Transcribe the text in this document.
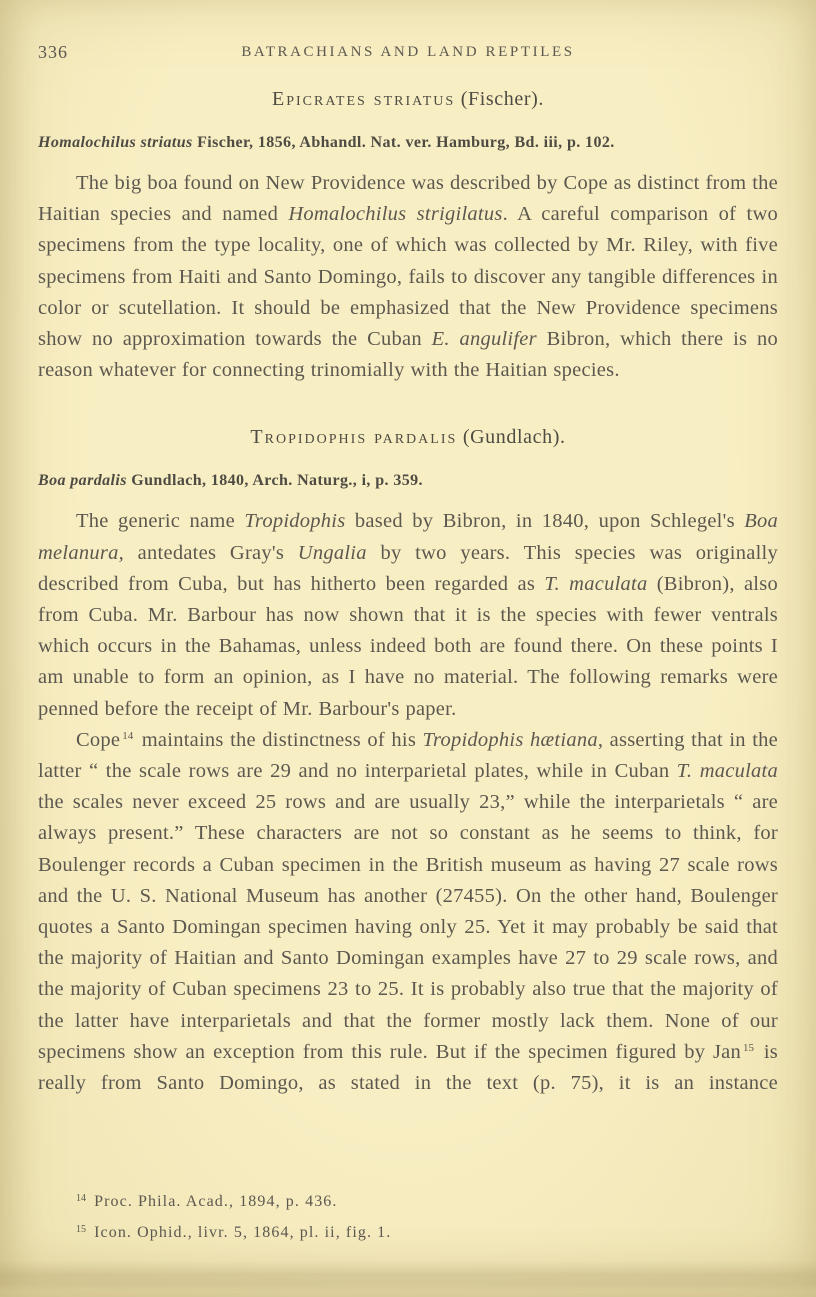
336	BATRACHIANS AND LAND REPTILES
Epicrates striatus (Fischer).

Homalochilus striatus Fischer, 1856, Abhandl. Nat. ver. Hamburg, Bd. iii, p. 102.

The big boa found on New Providence was described by Cope as distinct from the Haitian species and named Homalochilus strigilatus. A careful comparison of two specimens from the type locality, one of which was collected by Mr. Riley, with five specimens from Haiti and Santo Domingo, fails to discover any tangible differences in color or scutellation. It should be emphasized that the New Providence specimens show no approximation towards the Cuban E. angulifer Bibron, which there is no reason whatever for connecting trinomially with the Haitian species.

Tropidophis pardalis (Gundlach).

Boa pardalis Gundlach, 1840, Arch. Naturg., i, p. 359.

The generic name Tropidophis based by Bibron, in 1840, upon Schlegel's Boa melanura, antedates Gray's Ungalia by two years. This species was originally described from Cuba, but has hitherto been regarded as T. maculata (Bibron), also from Cuba. Mr. Barbour has now shown that it is the species with fewer ventrals which occurs in the Bahamas, unless indeed both are found there. On these points I am unable to form an opinion, as I have no material. The following remarks were penned before the receipt of Mr. Barbour's paper.

Cope $^{14}$ maintains the distinctness of his Tropidophis hætiana, asserting that in the latter “ the scale rows are 29 and no interparietal plates, while in Cuban T. maculata the scales never exceed 25 rows and are usually 23,” while the interparietals “ are always present.” These characters are not so constant as he seems to think, for Boulenger records a Cuban specimen in the British museum as having 27 scale rows and the U. S. National Museum has another (27455). On the other hand, Boulenger quotes a Santo Domingan specimen having only 25. Yet it may probably be said that the majority of Haitian and Santo Domingan examples have 27 to 29 scale rows, and the majority of Cuban specimens 23 to 25. It is probably also true that the majority of the latter have interparietals and that the former mostly lack them. None of our specimens show an exception from this rule. But if the specimen figured by Jan $^{15}$ is really from Santo Domingo, as stated in the text (p. 75), it is an instance

$^{14}$ Proc. Phila. Acad., 1894, p. 436.

$^{15}$ Icon. Ophid., livr. 5, 1864, pl. ii, fig. 1.
